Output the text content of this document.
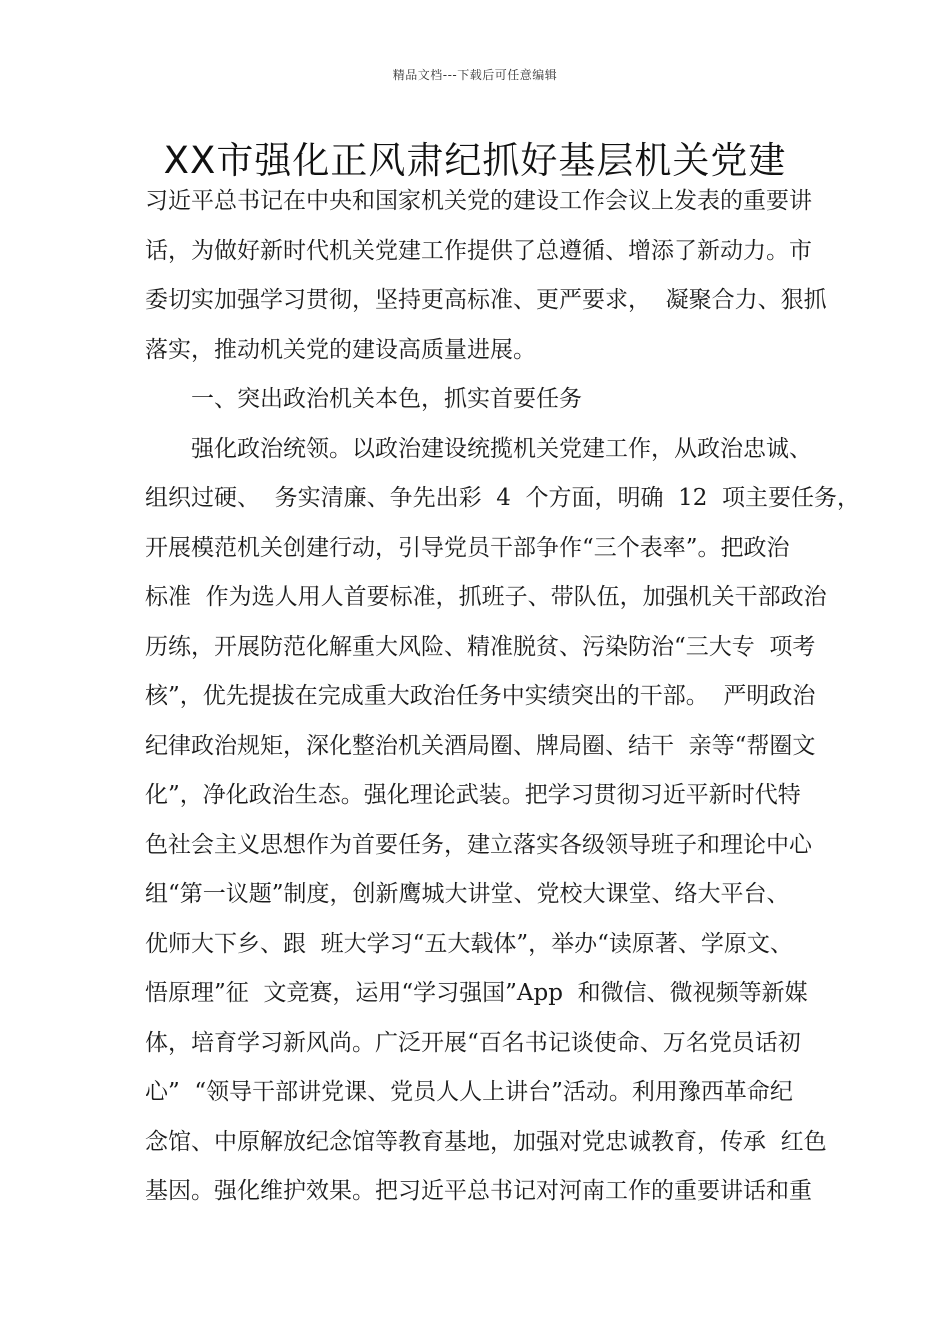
精品文档---下载后可任意编辑
XX市强化正风肃纪抓好基层机关党建
习近平总书记在中央和国家机关党的建设工作会议上发表的重要讲
话，为做好新时代机关党建工作提供了总遵循、增添了新动力。市
委切实加强学习贯彻，坚持更高标准、更严要求，  凝聚合力、狠抓
落实，推动机关党的建设高质量进展。
一、突出政治机关本色，抓实首要任务
强化政治统领。以政治建设统揽机关党建工作，从政治忠诚、
组织过硬、  务实清廉、争先出彩  4  个方面，明确  12  项主要任务，
开展模范机关创建行动，引导党员干部争作“三个表率”。把政治
标准  作为选人用人首要标准，抓班子、带队伍，加强机关干部政治
历练，开展防范化解重大风险、精准脱贫、污染防治“三大专  项考
核”，优先提拔在完成重大政治任务中实绩突出的干部。  严明政治
纪律政治规矩，深化整治机关酒局圈、牌局圈、结干  亲等“帮圈文
化”，净化政治生态。强化理论武装。把学习贯彻习近平新时代特
色社会主义思想作为首要任务，建立落实各级领导班子和理论中心
组“第一议题”制度，创新鹰城大讲堂、党校大课堂、络大平台、
优师大下乡、跟  班大学习“五大载体”，举办“读原著、学原文、
悟原理”征  文竞赛，运用“学习强国”App  和微信、微视频等新媒
体，培育学习新风尚。广泛开展“百名书记谈使命、万名党员话初
心”  “领导干部讲党课、党员人人上讲台”活动。利用豫西革命纪
念馆、中原解放纪念馆等教育基地，加强对党忠诚教育，传承  红色
基因。强化维护效果。把习近平总书记对河南工作的重要讲话和重
